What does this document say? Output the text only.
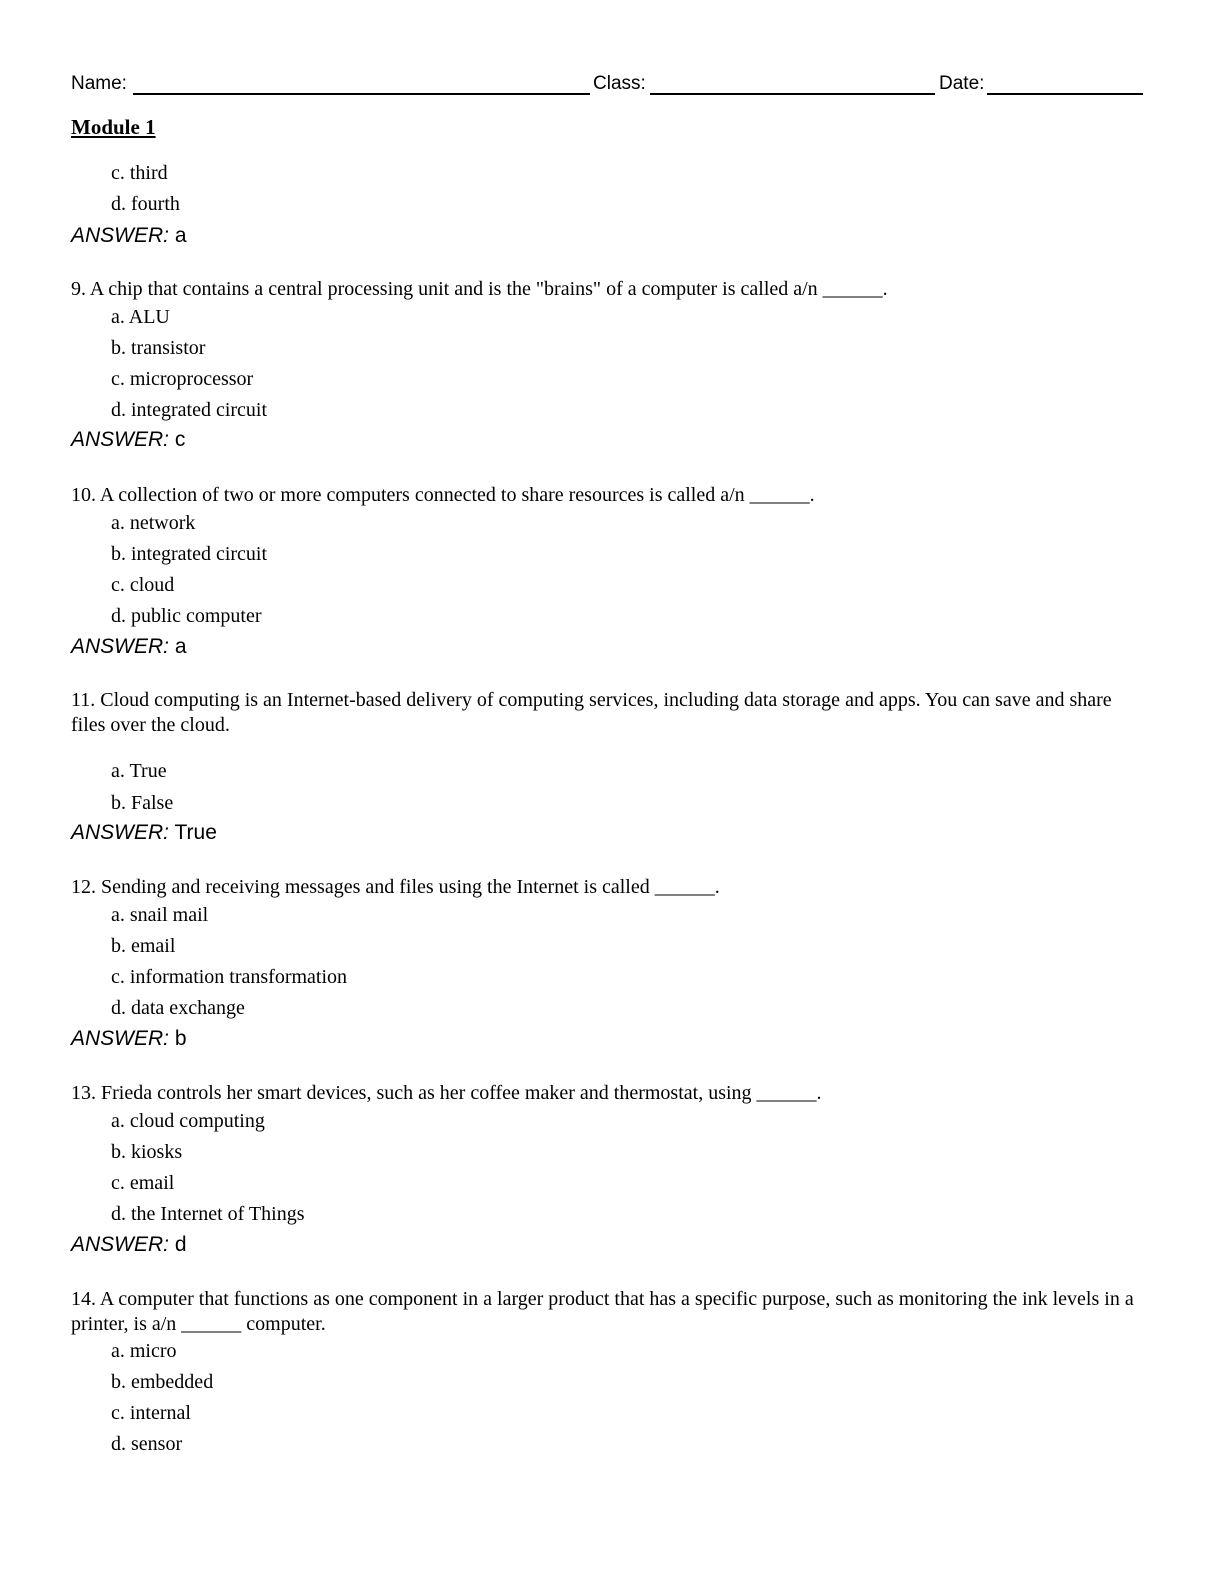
Name:	Class:	Date:
Module 1
c. third
d. fourth
ANSWER: a

9. A chip that contains a central processing unit and is the "brains" of a computer is called a/n ______.

a. ALU
b. transistor
c. microprocessor
d. integrated circuit
ANSWER: c

10. A collection of two or more computers connected to share resources is called a/n ______.

a. network
b. integrated circuit
c. cloud
d. public computer
ANSWER: a

11. Cloud computing is an Internet-based delivery of computing services, including data storage and apps. You can save and share files over the cloud.

a. True
b. False
ANSWER: True

12. Sending and receiving messages and files using the Internet is called ______.

a. snail mail
b. email
c. information transformation
d. data exchange
ANSWER: b

13. Frieda controls her smart devices, such as her coffee maker and thermostat, using ______.

a. cloud computing
b. kiosks
c. email
d. the Internet of Things
ANSWER: d

14. A computer that functions as one component in a larger product that has a specific purpose, such as monitoring the ink levels in a printer, is a/n ______ computer.

a. micro
b. embedded
c. internal
d. sensor
